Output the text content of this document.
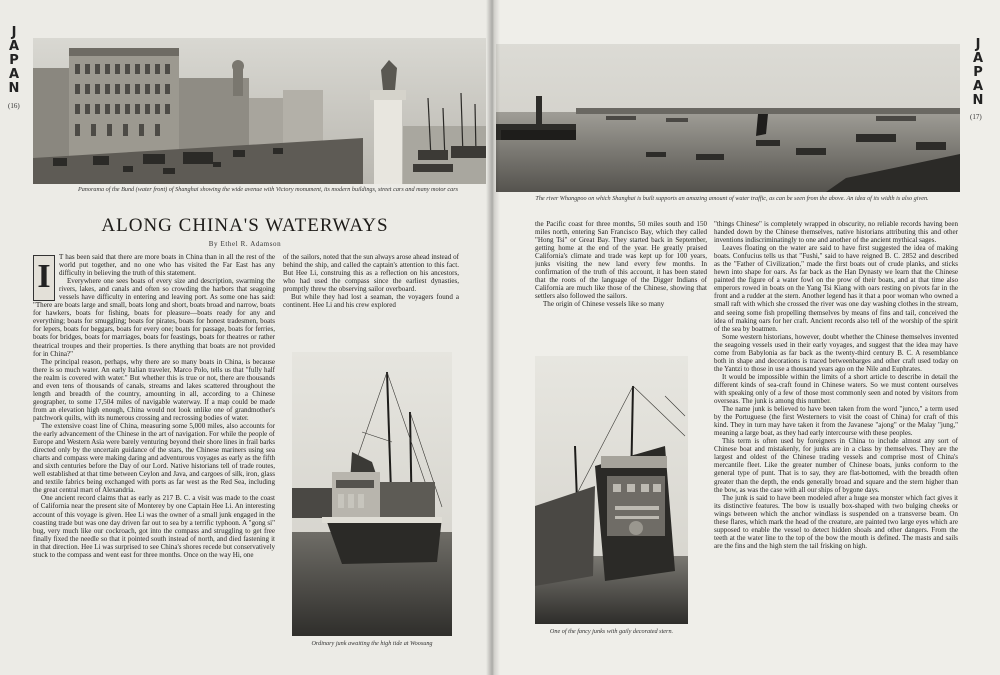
J
A
P
A
N
(16)
Panorama of the Bund (water front) of Shanghai showing the wide avenue with Victory monument, its modern buildings, street cars and many motor cars
ALONG CHINA'S WATERWAYS
By Ethel R. Adamson
I

T has been said that there are more boats in China than in all the rest of the world put together, and no one who has visited the Far East has any difficulty in believing the truth of this statement.

Everywhere one sees boats of every size and description, swarming the rivers, lakes, and canals and often so crowding the harbors that seagoing vessels have difficulty in entering and leaving port. As some one has said: "There are boats large and small, boats long and short, boats broad and narrow, boats for hawkers, boats for fishing, boats for pleasure—boats ready for any and everything; boats for smuggling; boats for pirates, boats for honest tradesmen, boats for lepers, boats for beggars, boats for every one; boats for passage, boats for ferries, boats for bridges, boats for marriages, boats for feastings, boats for theatres or rather theatrical troupes and their properties. Is there anything that boats are not provided for in China?"

The principal reason, perhaps, why there are so many boats in China, is because there is so much water. An early Italian traveler, Marco Polo, tells us that "fully half the realm is covered with water." But whether this is true or not, there are thousands and even tens of thousands of canals, streams and lakes scattered throughout the length and breadth of the country, amounting in all, according to a Chinese geographer, to some 17,504 miles of navigable waterway. If a map could be made from an elevation high enough, China would not look unlike one of grandmother's patchwork quilts, with its numerous crossing and recrossing bodies of water.

The extensive coast line of China, measuring some 5,000 miles, also accounts for the early advancement of the Chinese in the art of navigation. For while the people of Europe and Western Asia were barely venturing beyond their shore lines in frail barks directed only by the uncertain guidance of the stars, the Chinese mariners using sea charts and compass were making daring and adventurous voyages as early as the fifth and sixth centuries before the Day of our Lord. Native historians tell of trade routes, well established at that time between Ceylon and Java, and cargoes of silk, iron, glass and textile fabrics being exchanged with ports as far west as the Red Sea, including the great central mart of Alexandria.

One ancient record claims that as early as 217 B. C. a visit was made to the coast of California near the present site of Monterey by one Captain Hee Li. An interesting account of this voyage is given. Hee Li was the owner of a small junk engaged in the coasting trade but was one day driven far out to sea by a terrific typhoon. A "gong si" bug, very much like our cockroach, got into the compass and struggling to get free finally fixed the needle so that it pointed south instead of north, and died fastening it in that direction. Hee Li was surprised to see China's shores recede but conservatively stuck to the compass and went east for three months. Once on the way Hi, one

of the sailors, noted that the sun always arose ahead instead of behind the ship, and called the captain's attention to this fact. But Hee Li, construing this as a reflection on his ancestors, who had used the compass since the earliest dynasties, promptly threw the observing sailor overboard.

But while they had lost a seaman, the voyagers found a continent. Hee Li and his crew explored

Ordinary junk awaiting the high tide at Woosung
J
A
P
A
N
(17)
The river Whangpoo on which Shanghai is built supports an amazing amount of water traffic, as can be seen from the above. An idea of its width is also given.

the Pacific coast for three months, 50 miles south and 150 miles north, entering San Francisco Bay, which they called "Hong Tsi" or Great Bay. They started back in September, getting home at the end of the year. He greatly praised California's climate and trade was kept up for 100 years, junks visiting the new land every few months. In confirmation of the truth of this account, it has been stated that the roots of the language of the Digger Indians of California are much like those of the Chinese, showing that settlers also followed the sailors.

The origin of Chinese vessels like so many

One of the fancy junks with gaily decorated stern.

"things Chinese" is completely wrapped in obscurity, no reliable records having been handed down by the Chinese themselves, native historians attributing this and other inventions indiscriminatingly to one and another of the ancient mythical sages.

Leaves floating on the water are said to have first suggested the idea of making boats. Confucius tells us that "Fushi," said to have reigned B. C. 2852 and described as the "Father of Civilization," made the first boats out of crude planks, and sticks hewn into shape for oars. As far back as the Han Dynasty we learn that the Chinese painted the figure of a water fowl on the prow of their boats, and at that time also emperors rowed in boats on the Yang Tsi Kiang with oars resting on pivots far in the front and a rudder at the stern. Another legend has it that a poor woman who owned a small raft with which she crossed the river was one day washing clothes in the stream, and seeing some fish propelling themselves by means of fins and tail, conceived the idea of making oars for her craft. Ancient records also tell of the worship of the spirit of the sea by boatmen.

Some western historians, however, doubt whether the Chinese themselves invented the seagoing vessels used in their early voyages, and suggest that the idea may have come from Babylonia as far back as the twenty-third century B. C. A resemblance both in shape and decorations is traced betweenbarges and other craft used today on the Yantzi to those in use a thousand years ago on the Nile and Euphrates.

It would be impossible within the limits of a short article to describe in detail the different kinds of sea-craft found in Chinese waters. So we must content ourselves with speaking only of a few of those most commonly seen and noted by visitors from overseas. The junk is among this number.

The name junk is believed to have been taken from the word "junco," a term used by the Portuguese (the first Westerners to visit the coast of China) for craft of this kind. They in turn may have taken it from the Javanese "ajong" or the Malay "jung," meaning a large boat, as they had early intercourse with these peoples.

This term is often used by foreigners in China to include almost any sort of Chinese boat and mistakenly, for junks are in a class by themselves. They are the largest and oldest of the Chinese trading vessels and comprise most of China's mercantile fleet. Like the greater number of Chinese boats, junks conform to the general type of punt. That is to say, they are flat-bottomed, with the breadth often greater than the depth, the ends generally broad and square and the stern higher than the bow, as was the case with all our ships of bygone days.

The junk is said to have been modeled after a huge sea monster which fact gives it its distinctive features. The bow is usually box-shaped with two bulging cheeks or wings between which the anchor windlass is suspended on a transverse beam. On these flares, which mark the head of the creature, are painted two large eyes which are supposed to enable the vessel to detect hidden shoals and other dangers. From the teeth at the water line to the top of the bow the mouth is defined. The masts and sails are the fins and the high stern the tail frisking on high.
